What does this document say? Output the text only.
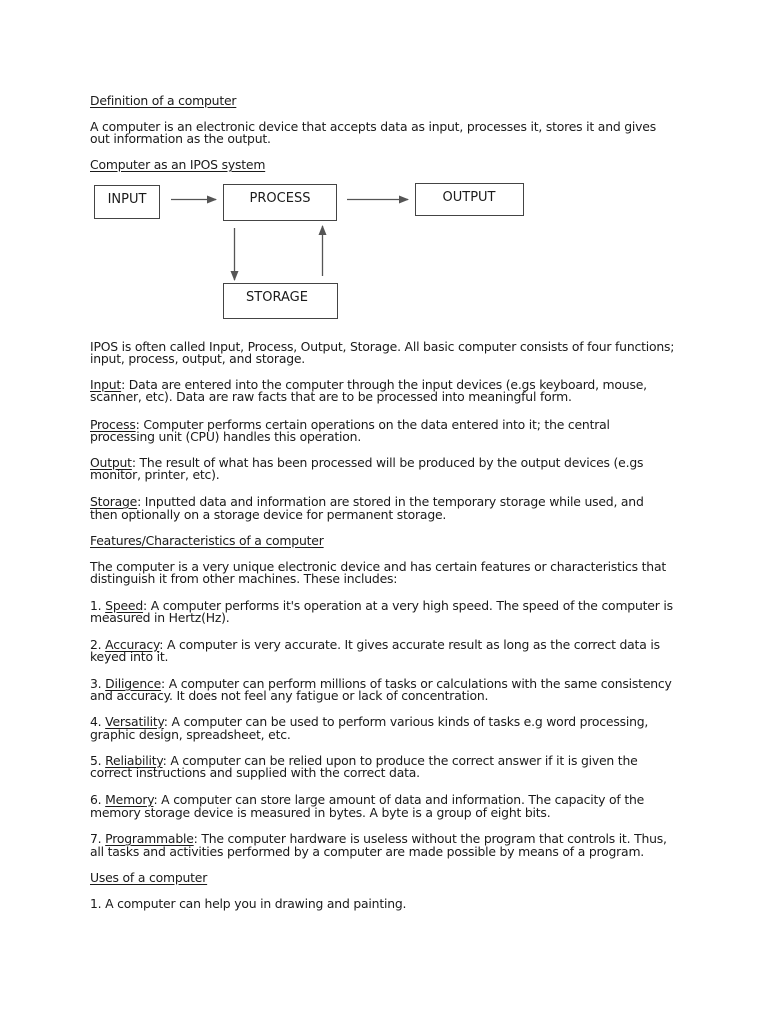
Definition of a computer
A computer is an electronic device that accepts data as input, processes it, stores it and gives
out information as the output.
Computer as an IPOS system
INPUT	PROCESS	OUTPUT
STORAGE
IPOS is often called Input, Process, Output, Storage. All basic computer consists of four functions;
input, process, output, and storage.
Input: Data are entered into the computer through the input devices (e.gs keyboard, mouse,
scanner, etc). Data are raw facts that are to be processed into meaningful form.
Process: Computer performs certain operations on the data entered into it; the central
processing unit (CPU) handles this operation.
Output: The result of what has been processed will be produced by the output devices (e.gs
monitor, printer, etc).
Storage: Inputted data and information are stored in the temporary storage while used, and
then optionally on a storage device for permanent storage.
Features/Characteristics of a computer
The computer is a very unique electronic device and has certain features or characteristics that
distinguish it from other machines. These includes:
1. Speed: A computer performs it's operation at a very high speed. The speed of the computer is
measured in Hertz(Hz).
2. Accuracy: A computer is very accurate. It gives accurate result as long as the correct data is
keyed into it.
3. Diligence: A computer can perform millions of tasks or calculations with the same consistency
and accuracy. It does not feel any fatigue or lack of concentration.
4. Versatility: A computer can be used to perform various kinds of tasks e.g word processing,
graphic design, spreadsheet, etc.
5. Reliability: A computer can be relied upon to produce the correct answer if it is given the
correct instructions and supplied with the correct data.
6. Memory: A computer can store large amount of data and information. The capacity of the
memory storage device is measured in bytes. A byte is a group of eight bits.
7. Programmable: The computer hardware is useless without the program that controls it. Thus,
all tasks and activities performed by a computer are made possible by means of a program.
Uses of a computer
1. A computer can help you in drawing and painting.
